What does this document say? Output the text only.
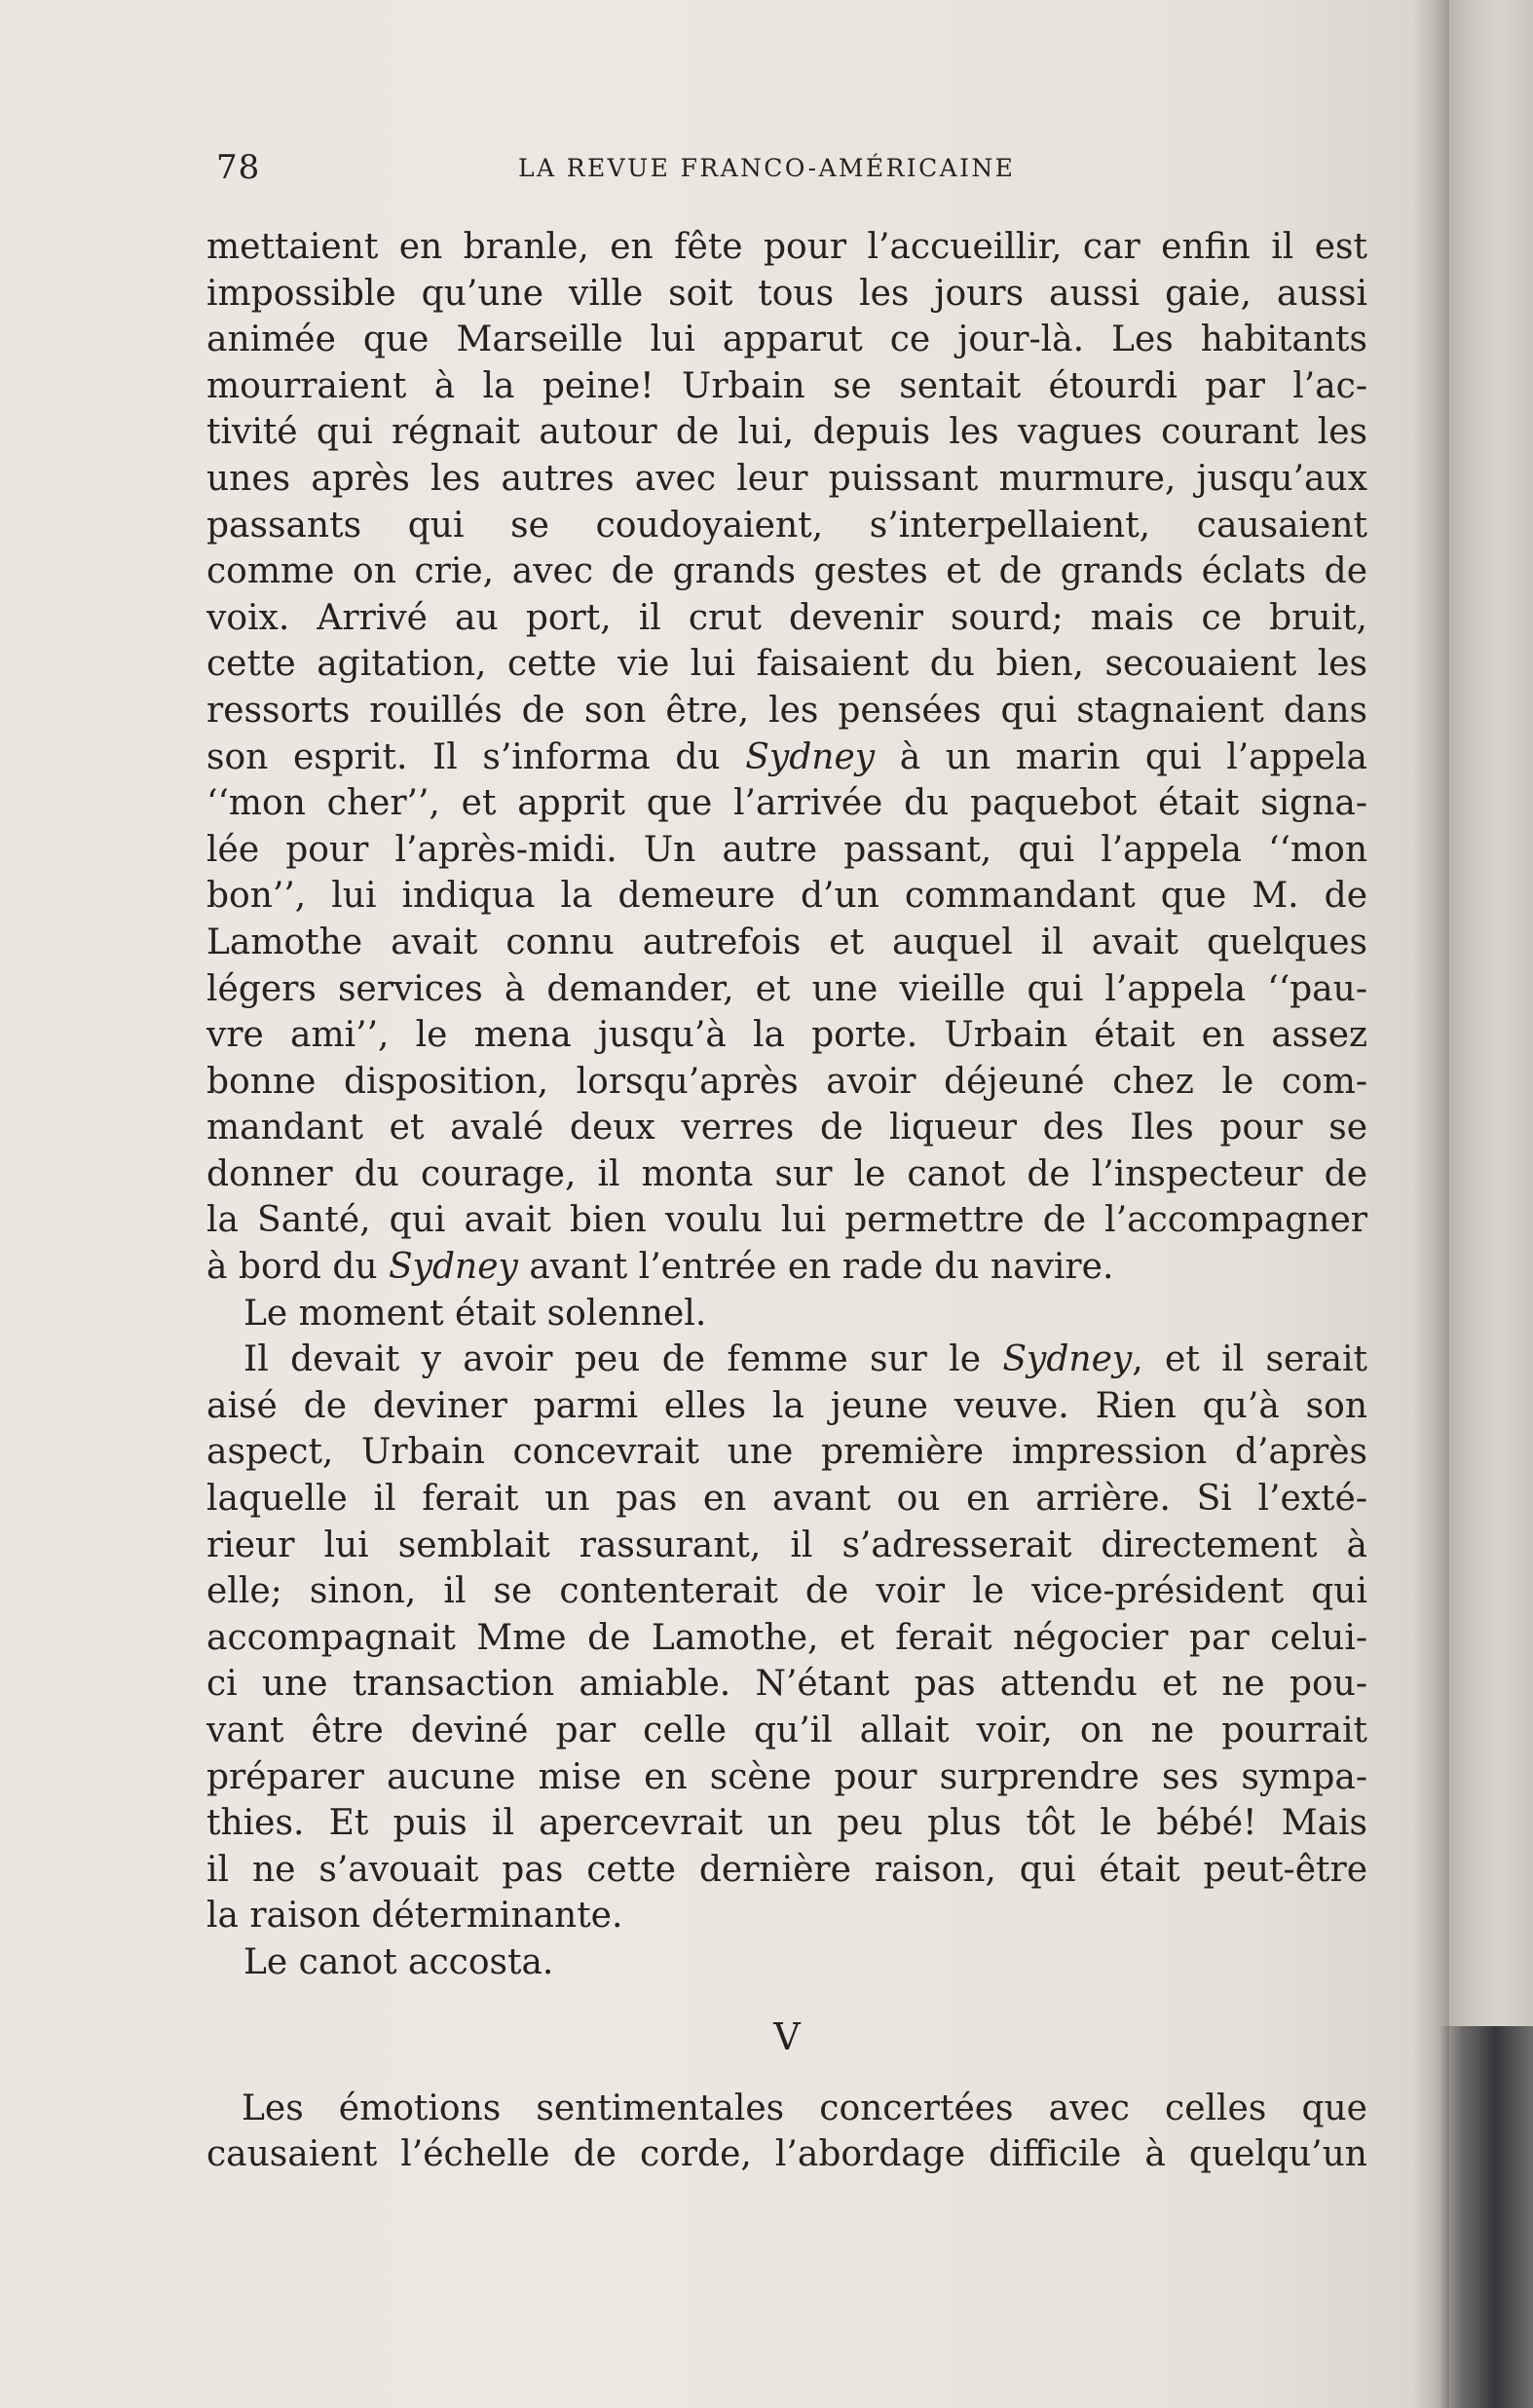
78	LA REVUE FRANCO-AMÉRICAINE
mettaient en branle, en fête pour l’accueillir, car enfin il est
impossible qu’une ville soit tous les jours aussi gaie, aussi
animée que Marseille lui apparut ce jour-là. Les habitants
mourraient à la peine! Urbain se sentait étourdi par l’ac-
tivité qui régnait autour de lui, depuis les vagues courant les
unes après les autres avec leur puissant murmure, jusqu’aux
passants qui se coudoyaient, s’interpellaient, causaient
comme on crie, avec de grands gestes et de grands éclats de
voix. Arrivé au port, il crut devenir sourd; mais ce bruit,
cette agitation, cette vie lui faisaient du bien, secouaient les
ressorts rouillés de son être, les pensées qui stagnaient dans
son esprit. Il s’informa du Sydney à un marin qui l’appela
‘‘mon cher’’, et apprit que l’arrivée du paquebot était signa-
lée pour l’après-midi. Un autre passant, qui l’appela ‘‘mon
bon’’, lui indiqua la demeure d’un commandant que M. de
Lamothe avait connu autrefois et auquel il avait quelques
légers services à demander, et une vieille qui l’appela ‘‘pau-
vre ami’’, le mena jusqu’à la porte. Urbain était en assez
bonne disposition, lorsqu’après avoir déjeuné chez le com-
mandant et avalé deux verres de liqueur des Iles pour se
donner du courage, il monta sur le canot de l’inspecteur de
la Santé, qui avait bien voulu lui permettre de l’accompagner
à bord du Sydney avant l’entrée en rade du navire.
Le moment était solennel.
Il devait y avoir peu de femme sur le Sydney, et il serait
aisé de deviner parmi elles la jeune veuve. Rien qu’à son
aspect, Urbain concevrait une première impression d’après
laquelle il ferait un pas en avant ou en arrière. Si l’exté-
rieur lui semblait rassurant, il s’adresserait directement à
elle; sinon, il se contenterait de voir le vice-président qui
accompagnait Mme de Lamothe, et ferait négocier par celui-
ci une transaction amiable. N’étant pas attendu et ne pou-
vant être deviné par celle qu’il allait voir, on ne pourrait
préparer aucune mise en scène pour surprendre ses sympa-
thies. Et puis il apercevrait un peu plus tôt le bébé! Mais
il ne s’avouait pas cette dernière raison, qui était peut-être
la raison déterminante.
Le canot accosta.
V
Les émotions sentimentales concertées avec celles que
causaient l’échelle de corde, l’abordage difficile à quelqu’un
